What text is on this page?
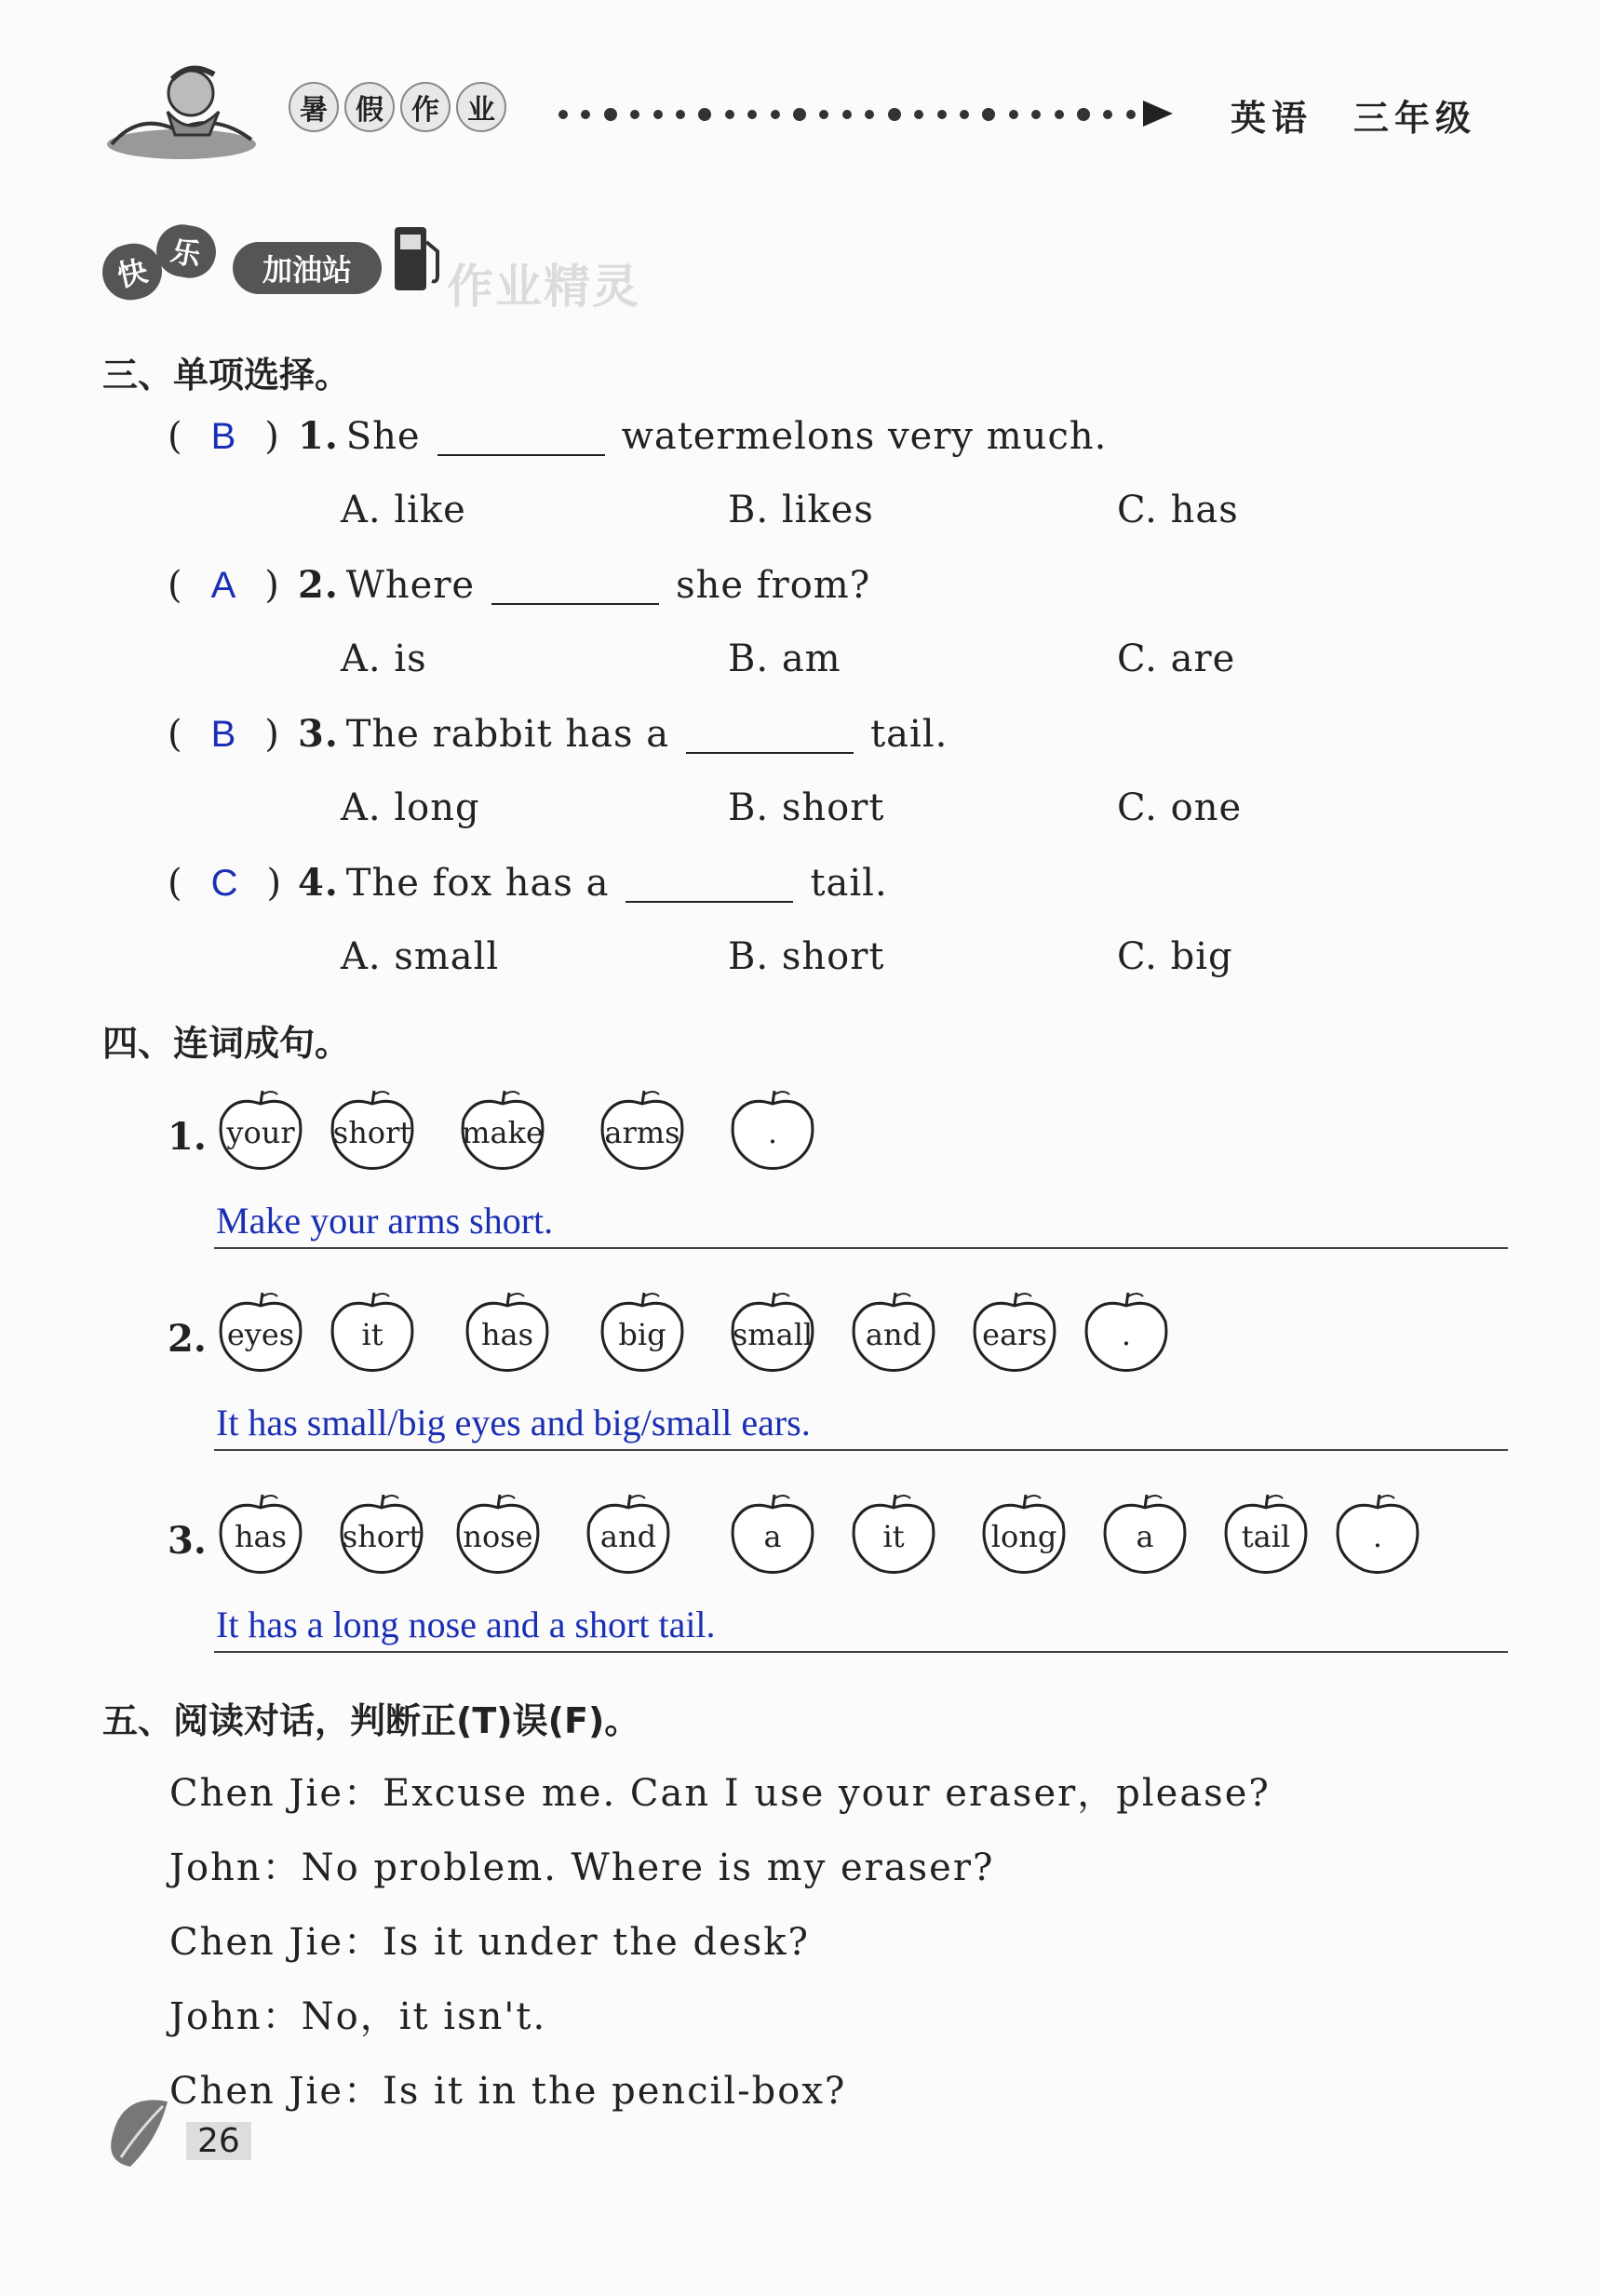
暑	假	作	业	英语　三年级
快
乐	加油站	作业精灵
三、单项选择。
( B ) 1. She	watermelons very much.
A. like	B. likes	C. has
( A ) 2. Where	she from?
A. is	B. am	C. are
( B ) 3. The rabbit has a	tail.
A. long	B. short	C. one
( C ) 4. The fox has a	tail.
A. small	B. short	C. big
四、连词成句。
1. your	short make arms	.
Make your arms short.
2. eyes	it	has	big	small	and	ears	.
It has small/big eyes and big/small ears.
3. has	short	nose	and	a	it	long	a	tail	.
It has a long nose and a short tail.
五、阅读对话，判断正(T)误(F)。
Chen Jie：Excuse me. Can I use your eraser，please?
John：No problem. Where is my eraser?
Chen Jie：Is it under the desk?
John：No，it isn't.
Chen Jie：Is it in the pencil-box?
26
